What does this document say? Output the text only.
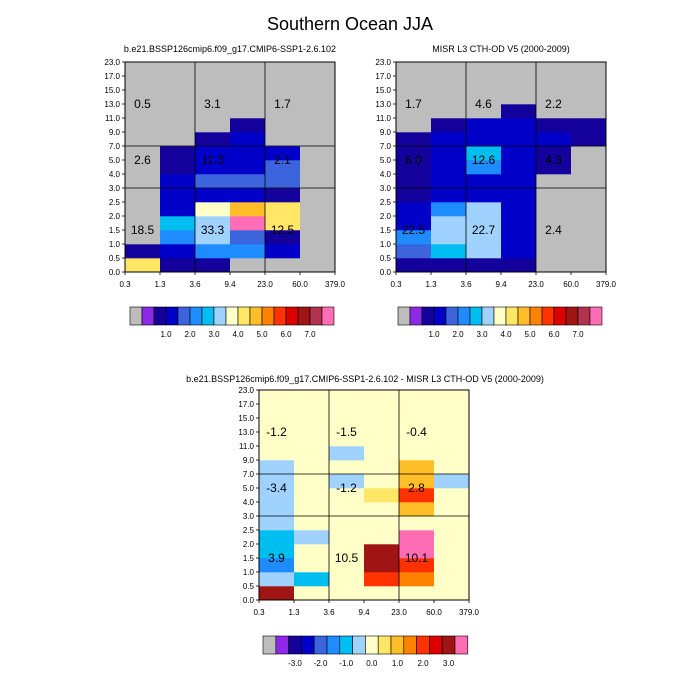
Southern Ocean JJA
b.e21.BSSP126cmip6.f09_g17.CMIP6-SSP1-2.6.102
0.5	3.1	1.7
2.6	11.3	2.1
18.5	33.3	12.5
0.0
0.5
1.0
1.5
2.0
2.5
3.0
4.0
5.0
7.0
9.0
11.0
13.0
15.0
17.0
23.0
0.3	1.3	3.6	9.4	23.0 60.0 379.0
1.0 2.0 3.0 4.0 5.0 6.0 7.0
MISR L3 CTH-OD V5 (2000-2009)
1.7	4.6	2.2
6.0	12.6	4.3
22.5	22.7	2.4
0.0
0.5
1.0
1.5
2.0
2.5
3.0
4.0
5.0
7.0
9.0
11.0
13.0
15.0
17.0
23.0
0.3	1.3	3.6	9.4	23.0 60.0 379.0
1.0 2.0 3.0 4.0 5.0 6.0 7.0
b.e21.BSSP126cmip6.f09_g17.CMIP6-SSP1-2.6.102 - MISR L3 CTH-OD V5 (2000-2009)
-1.2	-1.5	-0.4
-3.4	-1.2	2.8
3.9	10.5	10.1
0.0
0.5
1.0
1.5
2.0
2.5
3.0
4.0
5.0
7.0
9.0
11.0
13.0
15.0
17.0
23.0
0.3	1.3	3.6	9.4	23.0 60.0 379.0
-3.0 -2.0 -1.0 0.0 1.0 2.0 3.0
